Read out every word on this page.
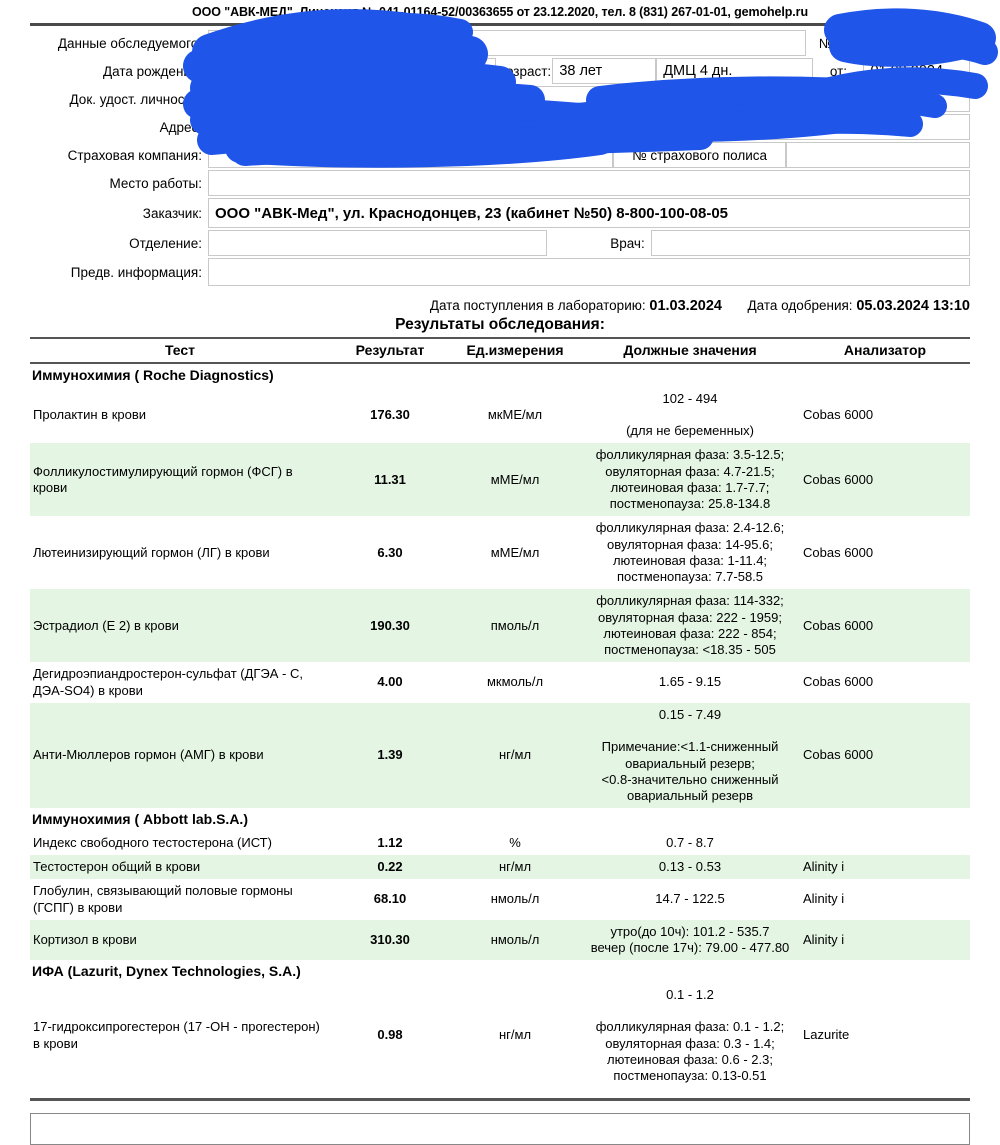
ООО "АВК-МЕД", Лицензия № 041-01164-52/00363655 от 23.12.2020, тел. 8 (831) 267-01-01, gemohelp.ru
Данные обследуемого:	№
Дата рождения:	женский	Возраст: 38 лет	ДМЦ 4 дн.	от:	01.03.2024
Док. удост. личности:
Адрес:
Страховая компания:	№ страхового полиса
Место работы:
Заказчик: ООО "АВК-Мед", ул. Краснодонцев, 23 (кабинет №50) 8-800-100-08-05
Отделение:	Врач:
Предв. информация:
Дата поступления в лабораторию: 01.03.2024 Дата одобрения: 05.03.2024 13:10
Результаты обследования:
Тест	Результат	Ед.измерения	Должные значения	Анализатор
Иммунохимия ( Roche Diagnostics)				
Пролактин в крови	176.30	мкМЕ/мл	102 - 494

(для не беременных)	Cobas 6000
Фолликулостимулирующий гормон (ФСГ) в крови	11.31	мМЕ/мл	фолликулярная фаза: 3.5-12.5;
овуляторная фаза: 4.7-21.5;
лютеиновая фаза: 1.7-7.7;
постменопауза: 25.8-134.8	Cobas 6000
Лютеинизирующий гормон (ЛГ) в крови	6.30	мМЕ/мл	фолликулярная фаза: 2.4-12.6;
овуляторная фаза: 14-95.6;
лютеиновая фаза: 1-11.4;
постменопауза: 7.7-58.5	Cobas 6000
Эстрадиол (Е 2) в крови	190.30	пмоль/л	фолликулярная фаза: 114-332;
овуляторная фаза: 222 - 1959;
лютеиновая фаза: 222 - 854;
постменопауза: <18.35 - 505	Cobas 6000
Дегидроэпиандростерон-сульфат (ДГЭА - С, ДЭА-SO4) в крови	4.00	мкмоль/л	1.65 - 9.15	Cobas 6000
Анти-Мюллеров гормон (АМГ) в крови	1.39	нг/мл	0.15 - 7.49

Примечание:<1.1-сниженный овариальный резерв;
<0.8-значительно сниженный овариальный резерв	Cobas 6000
Иммунохимия ( Abbott lab.S.A.)				
Индекс свободного тестостерона (ИСТ)	1.12	%	0.7 - 8.7	
Тестостерон общий в крови	0.22	нг/мл	0.13 - 0.53	Alinity i
Глобулин, связывающий половые гормоны (ГСПГ) в крови	68.10	нмоль/л	14.7 - 122.5	Alinity i
Кортизол в крови	310.30	нмоль/л	утро(до 10ч): 101.2 - 535.7
вечер (после 17ч): 79.00 - 477.80	Alinity i
ИФА (Lazurit, Dynex Technologies, S.A.)				
17-гидроксипрогестерон (17 -ОН - прогестерон) в крови	0.98	нг/мл	0.1 - 1.2

фолликулярная фаза: 0.1 - 1.2;
овуляторная фаза: 0.3 - 1.4;
лютеиновая фаза: 0.6 - 2.3;
постменопауза: 0.13-0.51	Lazurite
